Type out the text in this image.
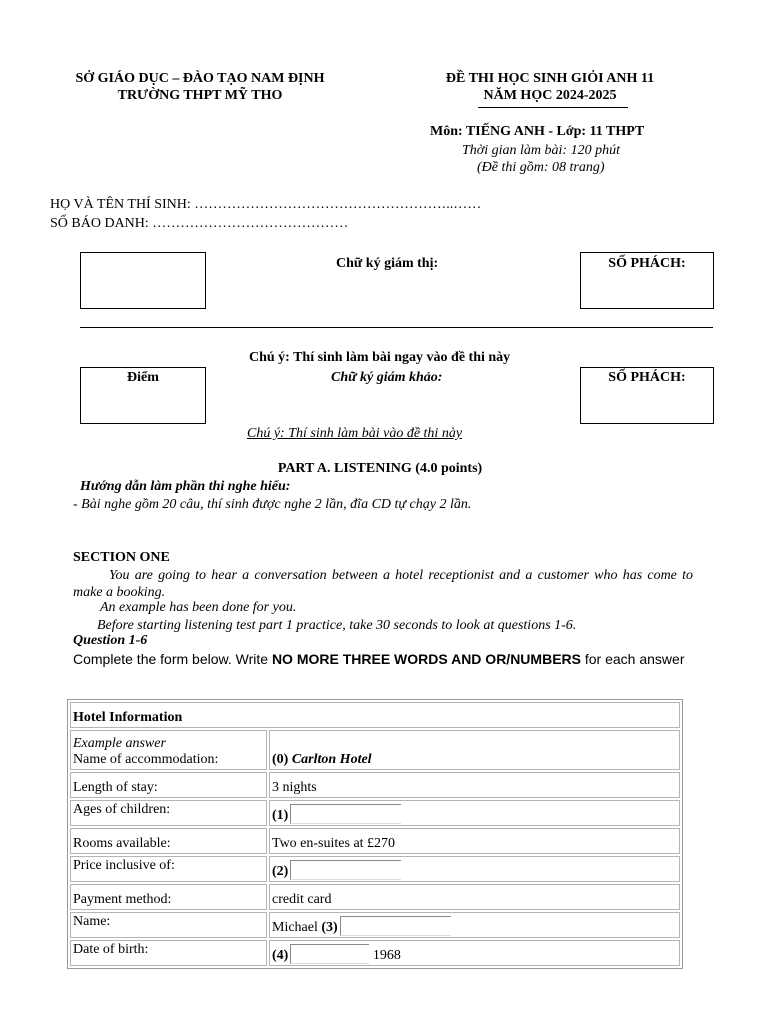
SỞ GIÁO DỤC – ĐÀO TẠO NAM ĐỊNH
TRƯỜNG THPT MỸ THO
ĐỀ THI HỌC SINH GIỎI ANH 11
NĂM HỌC 2024-2025
Môn: TIẾNG ANH - Lớp: 11 THPT
Thời gian làm bài: 120 phút
(Đề thi gồm: 08 trang)
HỌ VÀ TÊN THÍ SINH: ………………………………………………..……
SỐ BÁO DANH: ……………………………………
Chữ ký giám thị:	SỐ PHÁCH:
Chú ý: Thí sinh làm bài ngay vào đề thi này
Điểm	Chữ ký giám khảo:	SỐ PHÁCH:
Chú ý: Thí sinh làm bài vào đề thi này
PART A. LISTENING (4.0 points)
Hướng dẫn làm phần thi nghe hiểu:
- Bài nghe gồm 20 câu, thí sinh được nghe 2 lần, đĩa CD tự chạy 2 lần.
SECTION ONE
You are going to hear a conversation between a hotel receptionist and a customer who has come to make a booking.
An example has been done for you.
Before starting listening test part 1 practice, take 30 seconds to look at questions 1-6.
Question 1-6
Complete the form below. Write NO MORE THREE WORDS AND OR/NUMBERS for each answer
Hotel Information	

Example answer
Name of accommodation:	(0) Carlton Hotel
Length of stay:	3 nights
Ages of children:	(1)
Rooms available:	Two en-suites at £270
Price inclusive of:	(2)
Payment method:	credit card
Name:	Michael (3)
Date of birth:	(4) 1968
